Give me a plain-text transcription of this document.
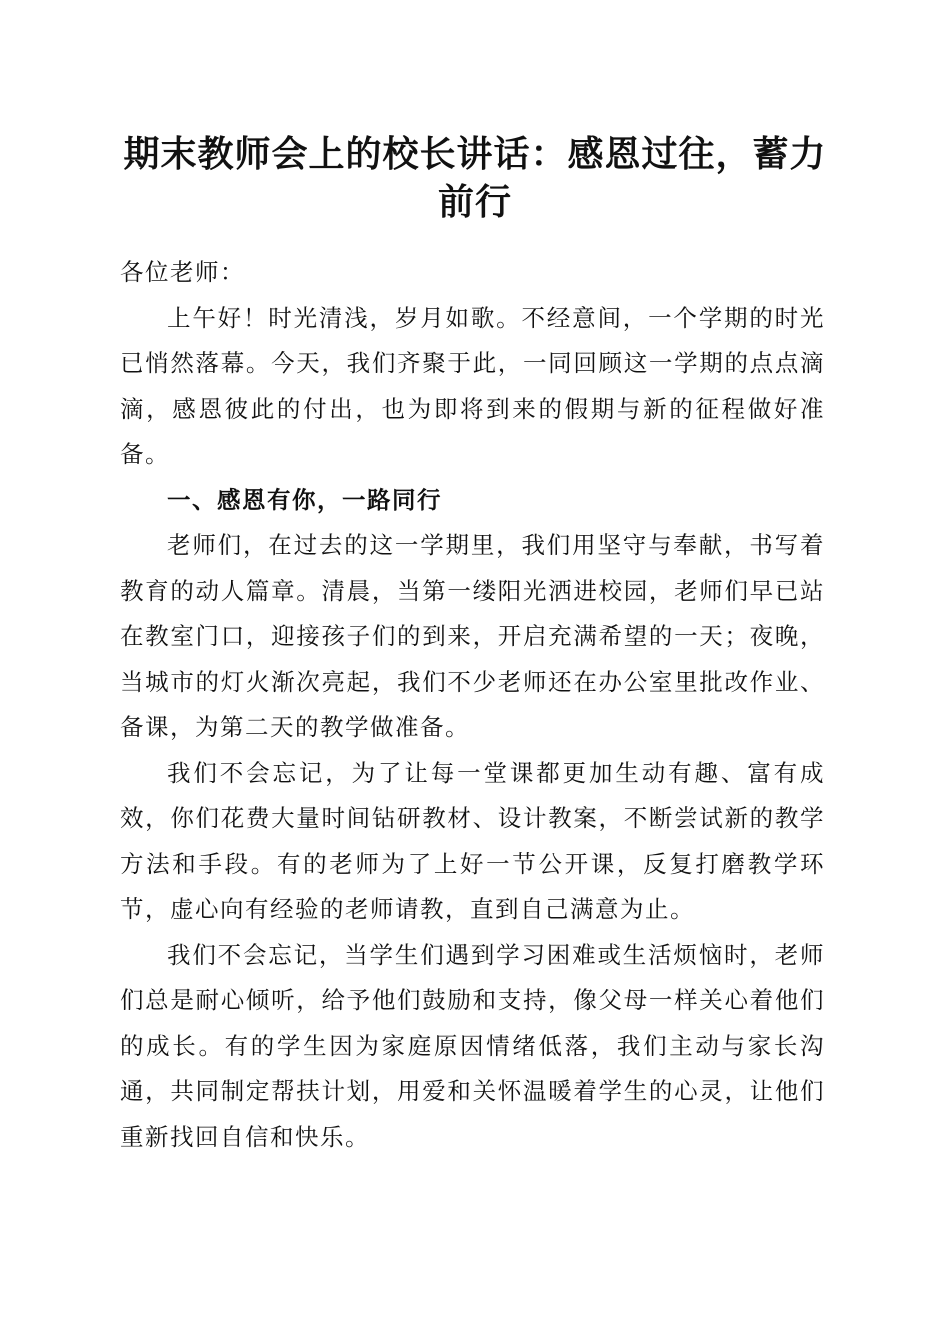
期末教师会上的校长讲话：感恩过往，蓄力前行

各位老师：

上午好！时光清浅，岁月如歌。不经意间，一个学期的时光已悄然落幕。今天，我们齐聚于此，一同回顾这一学期的点点滴滴，感恩彼此的付出，也为即将到来的假期与新的征程做好准备。

一、感恩有你，一路同行

老师们，在过去的这一学期里，我们用坚守与奉献，书写着教育的动人篇章。清晨，当第一缕阳光洒进校园，老师们早已站在教室门口，迎接孩子们的到来，开启充满希望的一天；夜晚，当城市的灯火渐次亮起，我们不少老师还在办公室里批改作业、备课，为第二天的教学做准备。

我们不会忘记，为了让每一堂课都更加生动有趣、富有成效，你们花费大量时间钻研教材、设计教案，不断尝试新的教学方法和手段。有的老师为了上好一节公开课，反复打磨教学环节，虚心向有经验的老师请教，直到自己满意为止。

我们不会忘记，当学生们遇到学习困难或生活烦恼时，老师们总是耐心倾听，给予他们鼓励和支持，像父母一样关心着他们的成长。有的学生因为家庭原因情绪低落，我们主动与家长沟通，共同制定帮扶计划，用爱和关怀温暖着学生的心灵，让他们重新找回自信和快乐。
